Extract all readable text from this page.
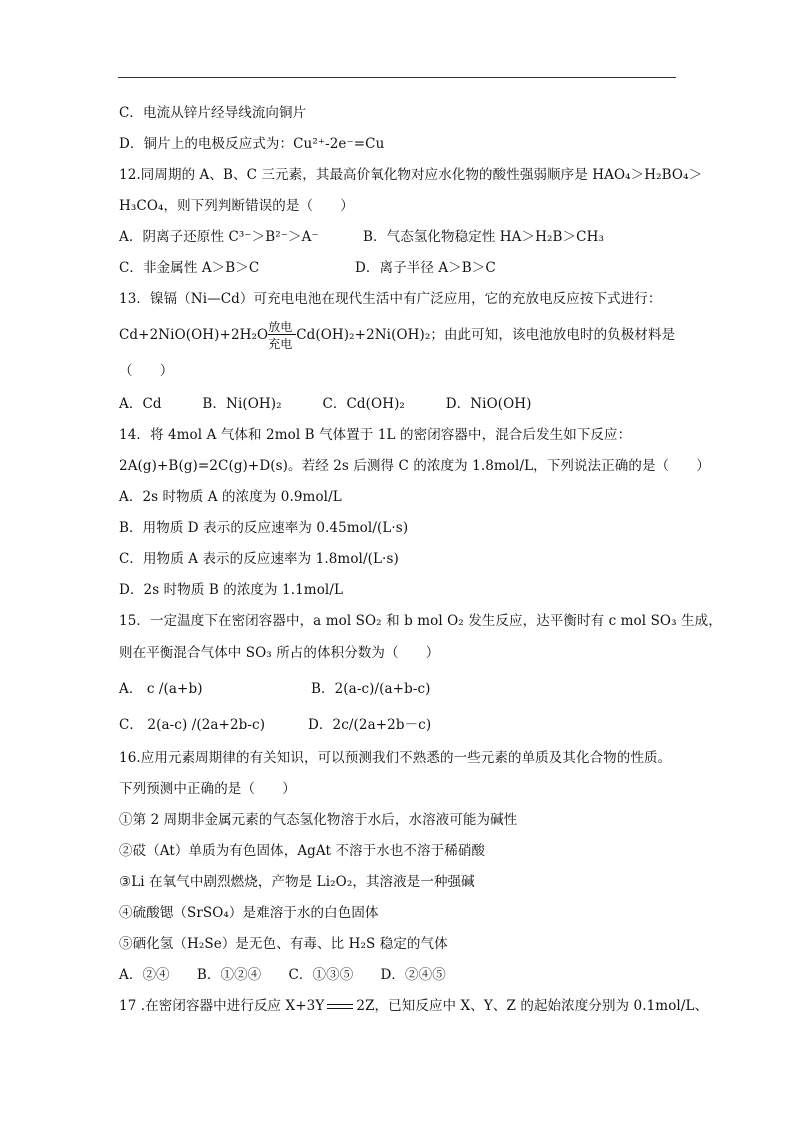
C．电流从锌片经导线流向铜片
D．铜片上的电极反应式为：Cu²⁺-2e⁻=Cu
12.同周期的 A、B、C 三元素，其最高价氧化物对应水化物的酸性强弱顺序是 HAO₄＞H₂BO₄＞
H₃CO₄，则下列判断错误的是（　　）
A．阴离子还原性 C³⁻＞B²⁻＞A⁻	B．气态氢化物稳定性 HA＞H₂B＞CH₃
C．非金属性 A＞B＞C	D．离子半径 A＞B＞C
13．镍镉（Ni—Cd）可充电电池在现代生活中有广泛应用，它的充放电反应按下式进行：
$Cd+2NiO(OH)+2H_2O \frac{\text{放电}}{\text{充电}} Cd(OH)_2+2Ni(OH)_2$；由此可知，该电池放电时的负极材料是
（　　）
A．Cd　　　B．Ni(OH)₂　　　C．Cd(OH)₂　　　D．NiO(OH)
14．将 4mol A 气体和 2mol B 气体置于 1L 的密闭容器中，混合后发生如下反应：
2A(g)+B(g)=2C(g)+D(s)。若经 2s 后测得 C 的浓度为 1.8mol/L，下列说法正确的是（　　）
A．2s 时物质 A 的浓度为 0.9mol/L
B．用物质 D 表示的反应速率为 0.45mol/(L·s)
C．用物质 A 表示的反应速率为 1.8mol/(L·s)
D．2s 时物质 B 的浓度为 1.1mol/L
15．一定温度下在密闭容器中，a mol SO₂ 和 b mol O₂ 发生反应，达平衡时有 c mol SO₃ 生成，
则在平衡混合气体中 SO₃ 所占的体积分数为（　　）
A． c /(a+b)	B．2(a-c)/(a+b-c)
C． 2(a-c) /(2a+2b-c)	D．2c/(2a+2b－c)
16.应用元素周期律的有关知识，可以预测我们不熟悉的一些元素的单质及其化合物的性质。
下列预测中正确的是（　　）
①第 2 周期非金属元素的气态氢化物溶于水后，水溶液可能为碱性
②砹（At）单质为有色固体，AgAt 不溶于水也不溶于稀硝酸
③Li 在氧气中剧烈燃烧，产物是 Li₂O₂，其溶液是一种强碱
④硫酸锶（SrSO₄）是难溶于水的白色固体
⑤硒化氢（H₂Se）是无色、有毒、比 H₂S 稳定的气体
A．②④　　B．①②④　　C．①③⑤　　D．②④⑤
17 .在密闭容器中进行反应 X+3Y 2Z，已知反应中 X、Y、Z 的起始浓度分别为 0.1mol/L、
